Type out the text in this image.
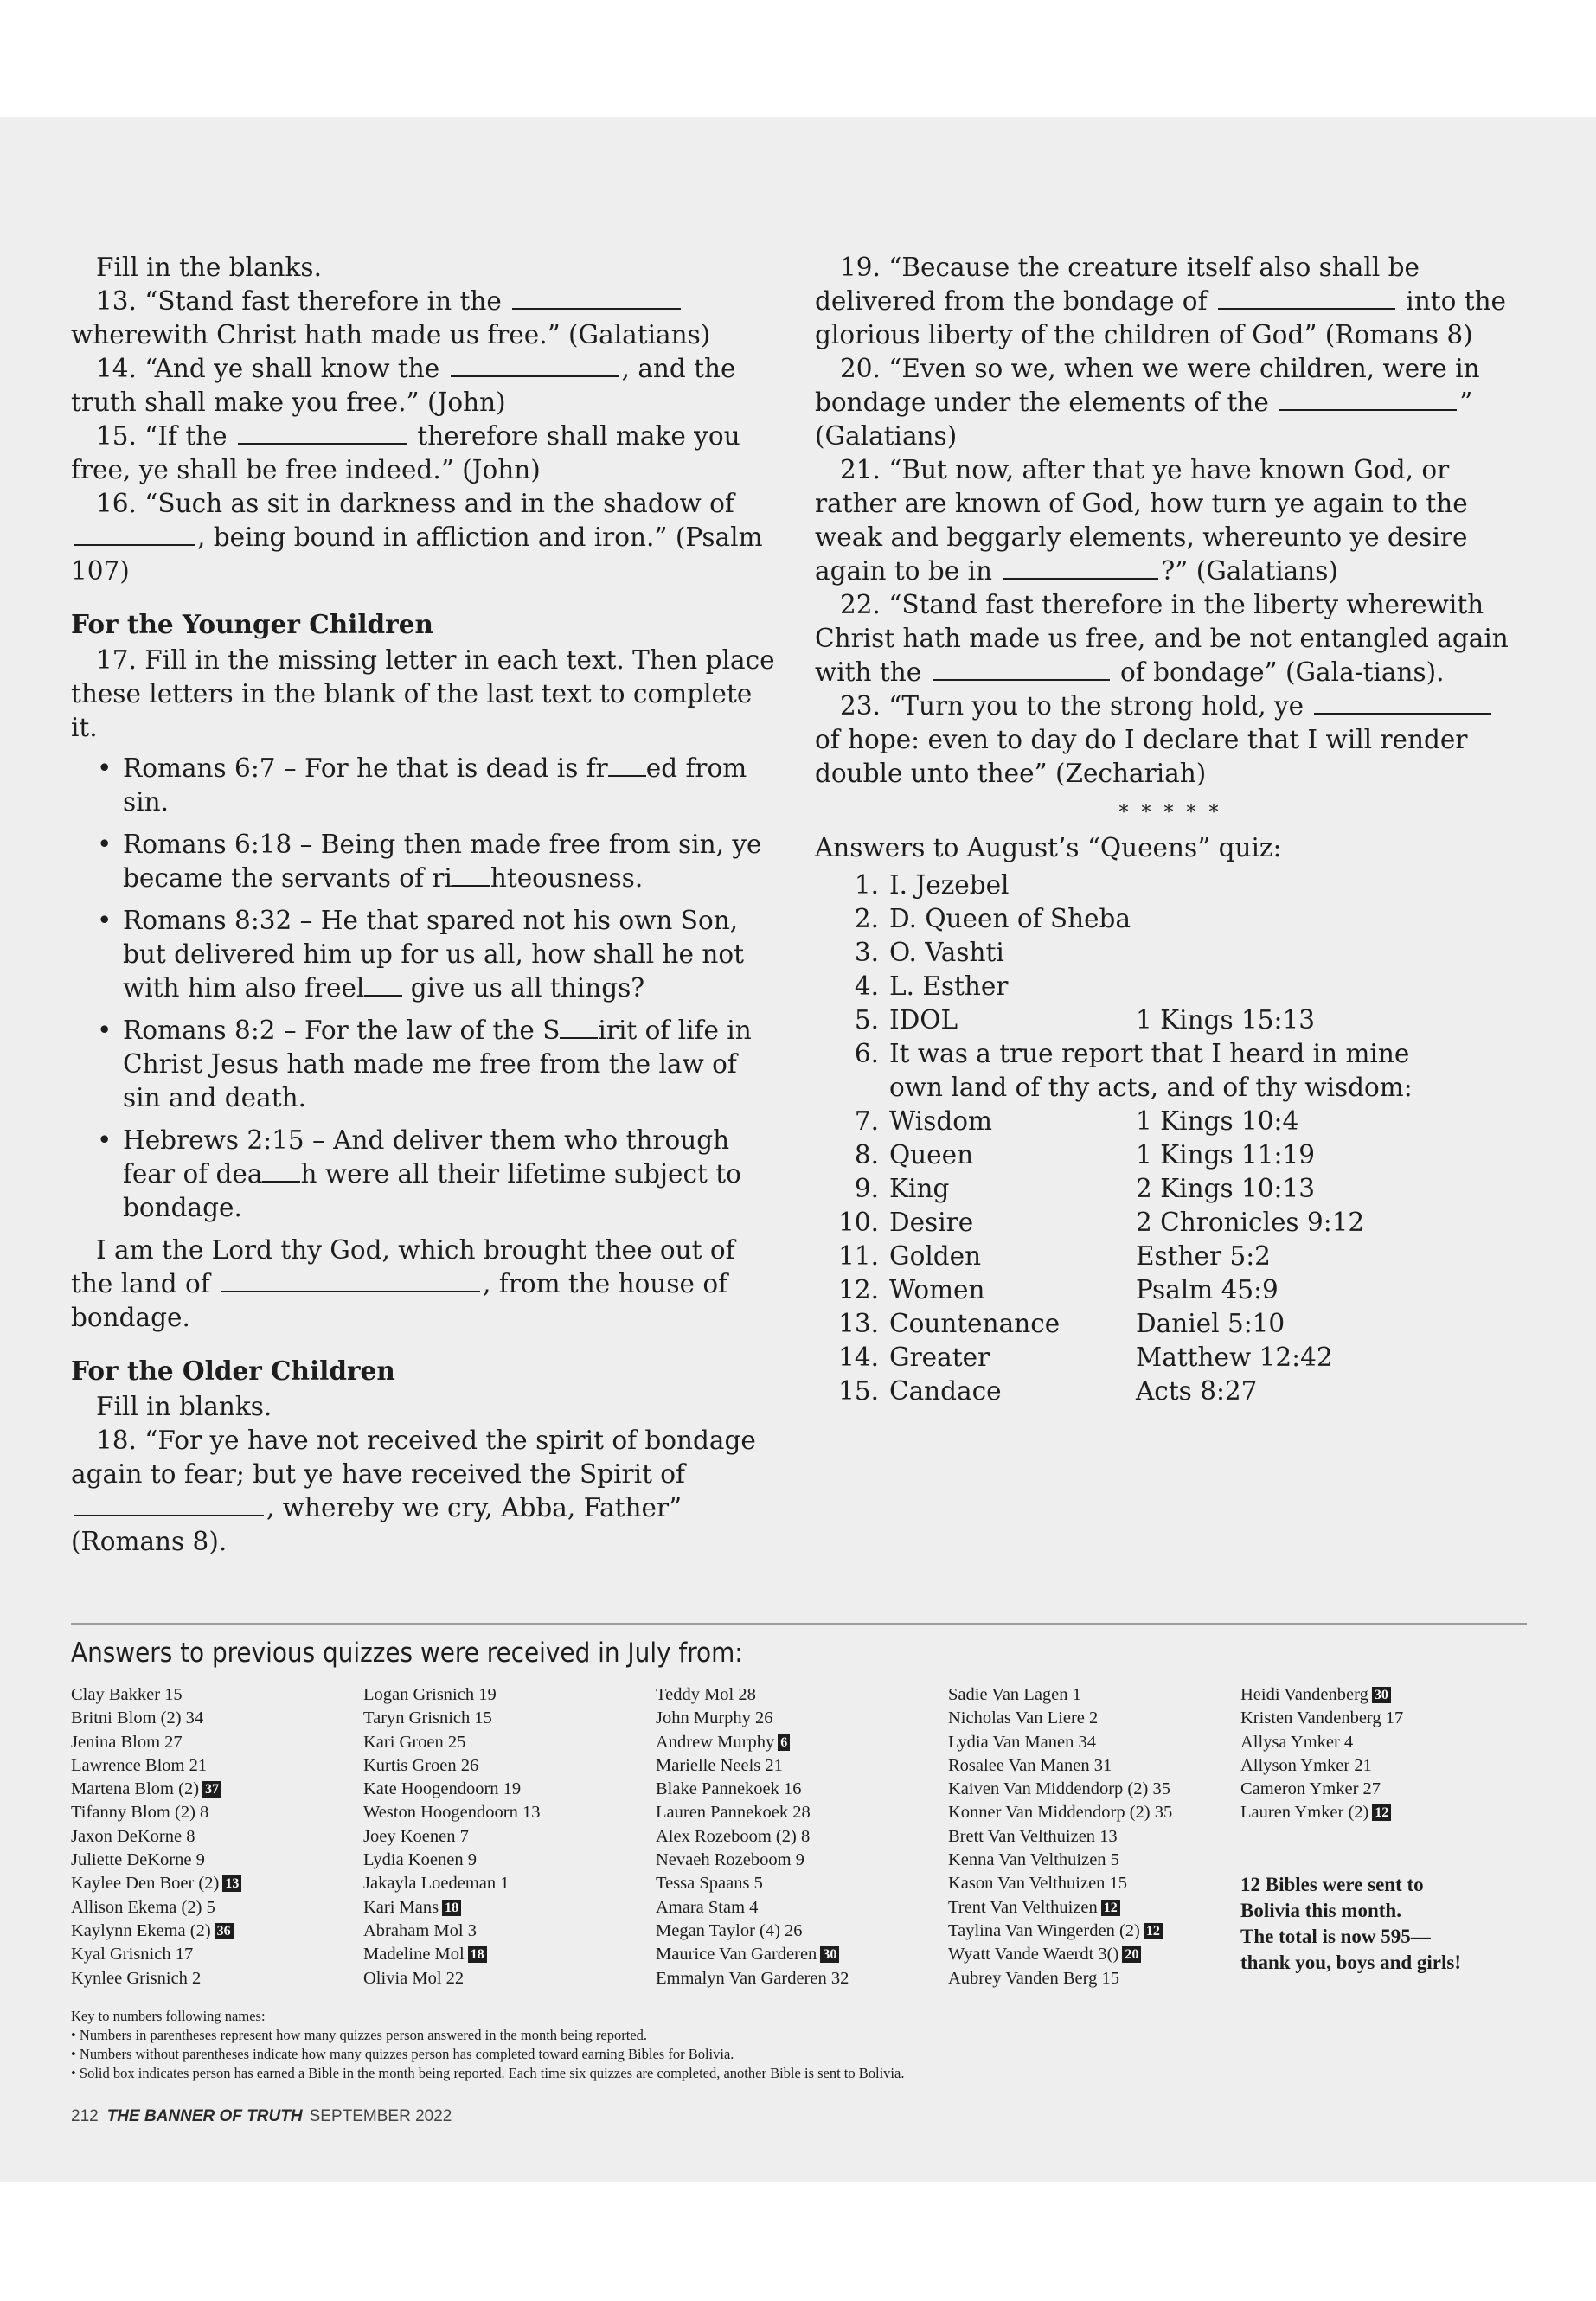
Fill in the blanks.

13. “Stand fast therefore in the  wherewith Christ hath made us free.” (Galatians)

14. “And ye shall know the	, and the truth shall make you free.” (John)

15. “If the	therefore shall make you free, ye shall be free indeed.” (John)

16. “Such as sit in darkness and in the shadow of , being bound in affliction and iron.” (Psalm 107)

For the Younger Children

17. Fill in the missing letter in each text. Then place these letters in the blank of the last text to complete it.

• Romans 6:7 – For he that is dead is fr ed from sin.
• Romans 6:18 – Being then made free from sin, ye became the servants of ri hteousness.
• Romans 8:32 – He that spared not his own Son, but delivered him up for us all, how shall he not with him also freel give us all things?
• Romans 8:2 – For the law of the S irit of life in Christ Jesus hath made me free from the law of sin and death.
• Hebrews 2:15 – And deliver them who through fear of dea h were all their lifetime subject to bondage.

I am the Lord thy God, which brought thee out of the land of	, from the house of bondage.

For the Older Children

Fill in blanks.

18. “For ye have not received the spirit of bondage again to fear; but ye have received the Spirit of , whereby we cry, Abba, Father” (Romans 8).

19. “Because the creature itself also shall be delivered from the bondage of	into the glorious liberty of the children of God” (Romans 8)

20. “Even so we, when we were children, were in bondage under the elements of the	” (Galatians)

21. “But now, after that ye have known God, or rather are known of God, how turn ye again to the weak and beggarly elements, whereunto ye desire again to be in	?” (Galatians)

22. “Stand fast therefore in the liberty wherewith Christ hath made us free, and be not entangled again with the	of bondage” (Gala-tians).

23. “Turn you to the strong hold, ye  of hope: even to day do I declare that I will render double unto thee” (Zechariah)

* * * * *

Answers to August’s “Queens” quiz:

1. I. Jezebel
2. D. Queen of Sheba
3. O. Vashti
4. L. Esther
5. IDOL	1 Kings 15:13
6. It was a true report that I heard in mine own land of thy acts, and of thy wisdom:
7. Wisdom	1 Kings 10:4
8. Queen	1 Kings 11:19
9. King	2 Kings 10:13
10. Desire	2 Chronicles 9:12
11. Golden	Esther 5:2
12. Women	Psalm 45:9
13. Countenance	Daniel 5:10
14. Greater	Matthew 12:42
15. Candace	Acts 8:27
Answers to previous quizzes were received in July from:
Clay Bakker 15
Britni Blom (2) 34
Jenina Blom 27
Lawrence Blom 21
Martena Blom (2) 37
Tifanny Blom (2) 8
Jaxon DeKorne 8
Juliette DeKorne 9
Kaylee Den Boer (2) 13
Allison Ekema (2) 5
Kaylynn Ekema (2) 36
Kyal Grisnich 17
Kynlee Grisnich 2
Logan Grisnich 19
Taryn Grisnich 15
Kari Groen 25
Kurtis Groen 26
Kate Hoogendoorn 19
Weston Hoogendoorn 13
Joey Koenen 7
Lydia Koenen 9
Jakayla Loedeman 1
Kari Mans 18
Abraham Mol 3
Madeline Mol 18
Olivia Mol 22
Teddy Mol 28
John Murphy 26
Andrew Murphy 6
Marielle Neels 21
Blake Pannekoek 16
Lauren Pannekoek 28
Alex Rozeboom (2) 8
Nevaeh Rozeboom 9
Tessa Spaans 5
Amara Stam 4
Megan Taylor (4) 26
Maurice Van Garderen 30
Emmalyn Van Garderen 32
Sadie Van Lagen 1
Nicholas Van Liere 2
Lydia Van Manen 34
Rosalee Van Manen 31
Kaiven Van Middendorp (2) 35
Konner Van Middendorp (2) 35
Brett Van Velthuizen 13
Kenna Van Velthuizen 5
Kason Van Velthuizen 15
Trent Van Velthuizen 12
Taylina Van Wingerden (2) 12
Wyatt Vande Waerdt 3() 20
Aubrey Vanden Berg 15
Heidi Vandenberg 30
Kristen Vandenberg 17
Allysa Ymker 4
Allyson Ymker 21
Cameron Ymker 27
Lauren Ymker (2) 12
12 Bibles were sent to
Bolivia this month.
The total is now 595—
thank you, boys and girls!
Key to numbers following names:
• Numbers in parentheses represent how many quizzes person answered in the month being reported.
• Numbers without parentheses indicate how many quizzes person has completed toward earning Bibles for Bolivia.
• Solid box indicates person has earned a Bible in the month being reported. Each time six quizzes are completed, another Bible is sent to Bolivia.
212 THE BANNER OF TRUTH SEPTEMBER 2022
